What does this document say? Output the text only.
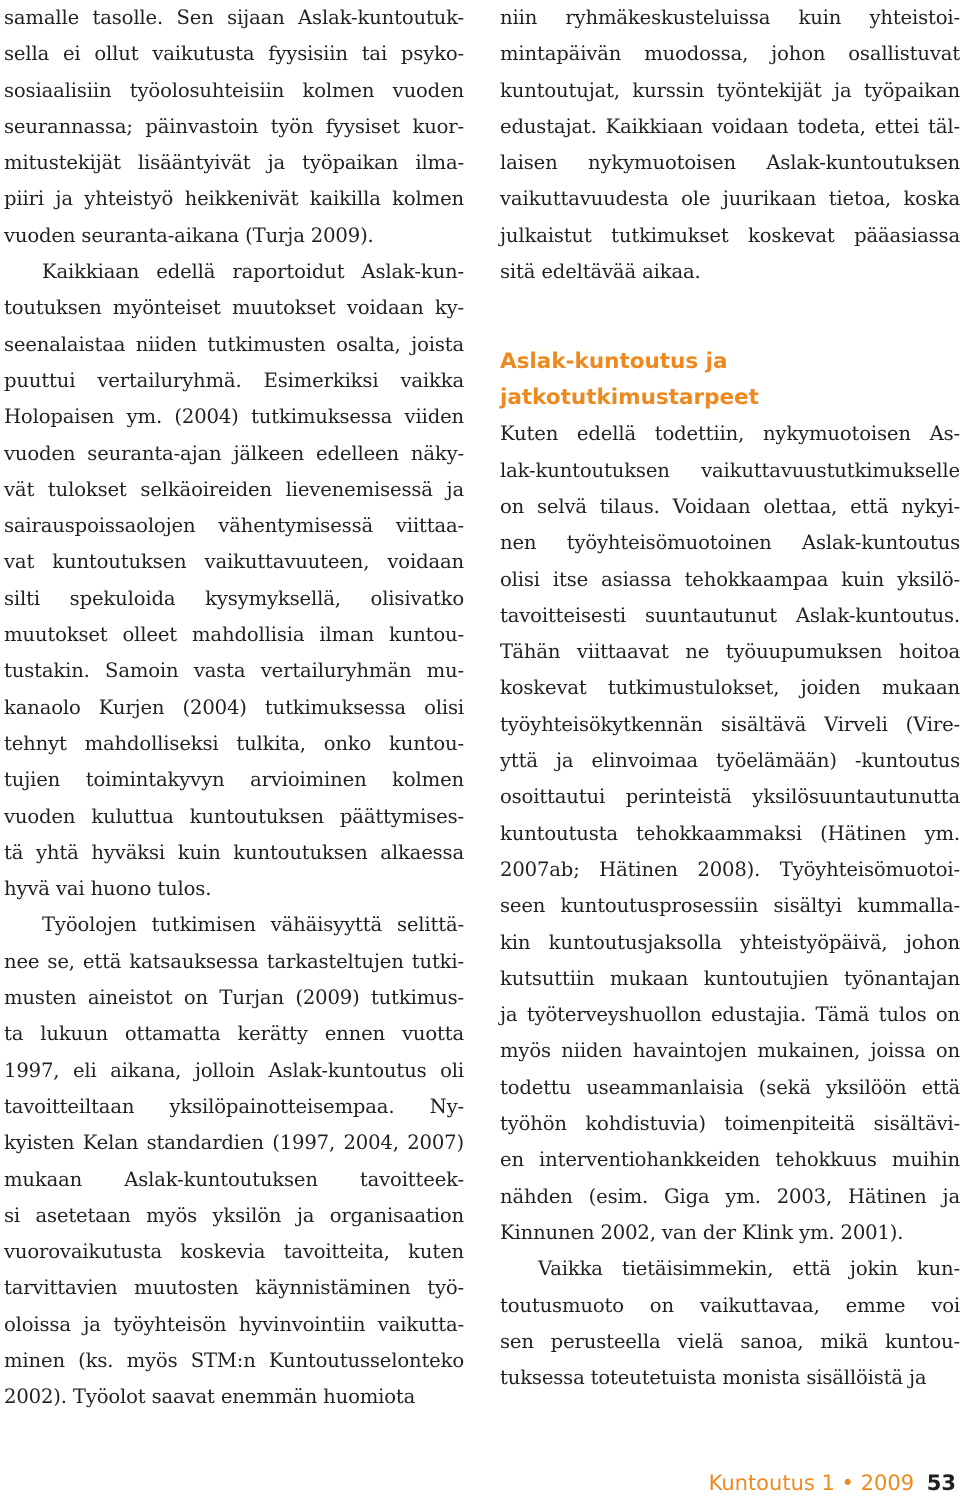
samalle tasolle. Sen sijaan Aslak-kuntoutuk-
sella ei ollut vaikutusta fyysisiin tai psyko-
sosiaalisiin työolosuhteisiin kolmen vuoden
seurannassa; päinvastoin työn fyysiset kuor-
mitustekijät lisääntyivät ja työpaikan ilma-
piiri ja yhteistyö heikkenivät kaikilla kolmen
vuoden seuranta-aikana (Turja 2009).

Kaikkiaan edellä raportoidut Aslak-kun-
toutuksen myönteiset muutokset voidaan ky-
seenalaistaa niiden tutkimusten osalta, joista
puuttui vertailuryhmä. Esimerkiksi vaikka
Holopaisen ym. (2004) tutkimuksessa viiden
vuoden seuranta-ajan jälkeen edelleen näky-
vät tulokset selkäoireiden lievenemisessä ja
sairauspoissaolojen vähentymisessä viittaa-
vat kuntoutuksen vaikuttavuuteen, voidaan
silti spekuloida kysymyksellä, olisivatko
muutokset olleet mahdollisia ilman kuntou-
tustakin. Samoin vasta vertailuryhmän mu-
kanaolo Kurjen (2004) tutkimuksessa olisi
tehnyt mahdolliseksi tulkita, onko kuntou-
tujien toimintakyvyn arvioiminen kolmen
vuoden kuluttua kuntoutuksen päättymises-
tä yhtä hyväksi kuin kuntoutuksen alkaessa
hyvä vai huono tulos.

Työolojen tutkimisen vähäisyyttä selittä-
nee se, että katsauksessa tarkasteltujen tutki-
musten aineistot on Turjan (2009) tutkimus-
ta lukuun ottamatta kerätty ennen vuotta
1997, eli aikana, jolloin Aslak-kuntoutus oli
tavoitteiltaan yksilöpainotteisempaa. Ny-
kyisten Kelan standardien (1997, 2004, 2007)
mukaan Aslak-kuntoutuksen tavoitteek-
si asetetaan myös yksilön ja organisaation
vuorovaikutusta koskevia tavoitteita, kuten
tarvittavien muutosten käynnistäminen työ-
oloissa ja työyhteisön hyvinvointiin vaikutta-
minen (ks. myös STM:n Kuntoutusselonteko
2002). Työolot saavat enemmän huomiota

niin ryhmäkeskusteluissa kuin yhteistoi-
mintapäivän muodossa, johon osallistuvat
kuntoutujat, kurssin työntekijät ja työpaikan
edustajat. Kaikkiaan voidaan todeta, ettei täl-
laisen nykymuotoisen Aslak-kuntoutuksen
vaikuttavuudesta ole juurikaan tietoa, koska
julkaistut tutkimukset koskevat pääasiassa
sitä edeltävää aikaa.

Aslak-kuntoutus ja
jatkotutkimustarpeet

Kuten edellä todettiin, nykymuotoisen As-
lak-kuntoutuksen vaikuttavuustutkimukselle
on selvä tilaus. Voidaan olettaa, että nykyi-
nen työyhteisömuotoinen Aslak-kuntoutus
olisi itse asiassa tehokkaampaa kuin yksilö-
tavoitteisesti suuntautunut Aslak-kuntoutus.
Tähän viittaavat ne työuupumuksen hoitoa
koskevat tutkimustulokset, joiden mukaan
työyhteisökytkennän sisältävä Virveli (Vire-
yttä ja elinvoimaa työelämään) -kuntoutus
osoittautui perinteistä yksilösuuntautunutta
kuntoutusta tehokkaammaksi (Hätinen ym.
2007ab; Hätinen 2008). Työyhteisömuotoi-
seen kuntoutusprosessiin sisältyi kummalla-
kin kuntoutusjaksolla yhteistyöpäivä, johon
kutsuttiin mukaan kuntoutujien työnantajan
ja työterveyshuollon edustajia. Tämä tulos on
myös niiden havaintojen mukainen, joissa on
todettu useammanlaisia (sekä yksilöön että
työhön kohdistuvia) toimenpiteitä sisältävi-
en interventiohankkeiden tehokkuus muihin
nähden (esim. Giga ym. 2003, Hätinen ja
Kinnunen 2002, van der Klink ym. 2001).

Vaikka tietäisimmekin, että jokin kun-
toutusmuoto on vaikuttavaa, emme voi
sen perusteella vielä sanoa, mikä kuntou-
tuksessa toteutetuista monista sisällöistä ja

Kuntoutus 1 • 2009 53
